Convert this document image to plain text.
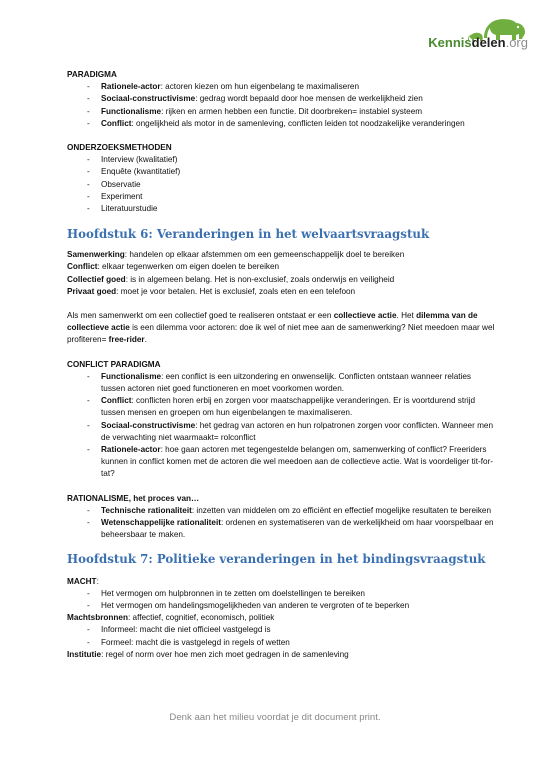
Kennisdelen.org

PARADIGMA

- Rationele-actor: actoren kiezen om hun eigenbelang te maximaliseren
- Sociaal-constructivisme: gedrag wordt bepaald door hoe mensen de werkelijkheid zien
- Functionalisme: rijken en armen hebben een functie. Dit doorbreken= instabiel systeem
- Conflict: ongelijkheid als motor in de samenleving, conflicten leiden tot noodzakelijke veranderingen

ONDERZOEKSMETHODEN

- Interview (kwalitatief)
- Enquête (kwantitatief)
- Observatie
- Experiment
- Literatuurstudie
Hoofdstuk 6: Veranderingen in het welvaartsvraagstuk

Samenwerking: handelen op elkaar afstemmen om een gemeenschappelijk doel te bereiken

Conflict: elkaar tegenwerken om eigen doelen te bereiken

Collectief goed: is in algemeen belang. Het is non-exclusief, zoals onderwijs en veiligheid

Privaat goed: moet je voor betalen. Het is exclusief, zoals eten en een telefoon

Als men samenwerkt om een collectief goed te realiseren ontstaat er een collectieve actie. Het dilemma van de collectieve actie is een dilemma voor actoren: doe ik wel of niet mee aan de samenwerking? Niet meedoen maar wel profiteren= free-rider.

CONFLICT PARADIGMA

- Functionalisme: een conflict is een uitzondering en onwenselijk. Conflicten ontstaan wanneer relaties tussen actoren niet goed functioneren en moet voorkomen worden.
- Conflict: conflicten horen erbij en zorgen voor maatschappelijke veranderingen. Er is voortdurend strijd tussen mensen en groepen om hun eigenbelangen te maximaliseren.
- Sociaal-constructivisme: het gedrag van actoren en hun rolpatronen zorgen voor conflicten. Wanneer men de verwachting niet waarmaakt= rolconflict
- Rationele-actor: hoe gaan actoren met tegengestelde belangen om, samenwerking of conflict? Freeriders kunnen in conflict komen met de actoren die wel meedoen aan de collectieve actie. Wat is voordeliger tit-for-tat?

RATIONALISME, het proces van…

- Technische rationaliteit: inzetten van middelen om zo efficiënt en effectief mogelijke resultaten te bereiken
- Wetenschappelijke rationaliteit: ordenen en systematiseren van de werkelijkheid om haar voorspelbaar en beheersbaar te maken.
Hoofdstuk 7: Politieke veranderingen in het bindingsvraagstuk

MACHT:

- Het vermogen om hulpbronnen in te zetten om doelstellingen te bereiken
- Het vermogen om handelingsmogelijkheden van anderen te vergroten of te beperken

Machtsbronnen: affectief, cognitief, economisch, politiek

- Informeel: macht die niet officieel vastgelegd is
- Formeel: macht die is vastgelegd in regels of wetten

Institutie: regel of norm over hoe men zich moet gedragen in de samenleving

Denk aan het milieu voordat je dit document print.
